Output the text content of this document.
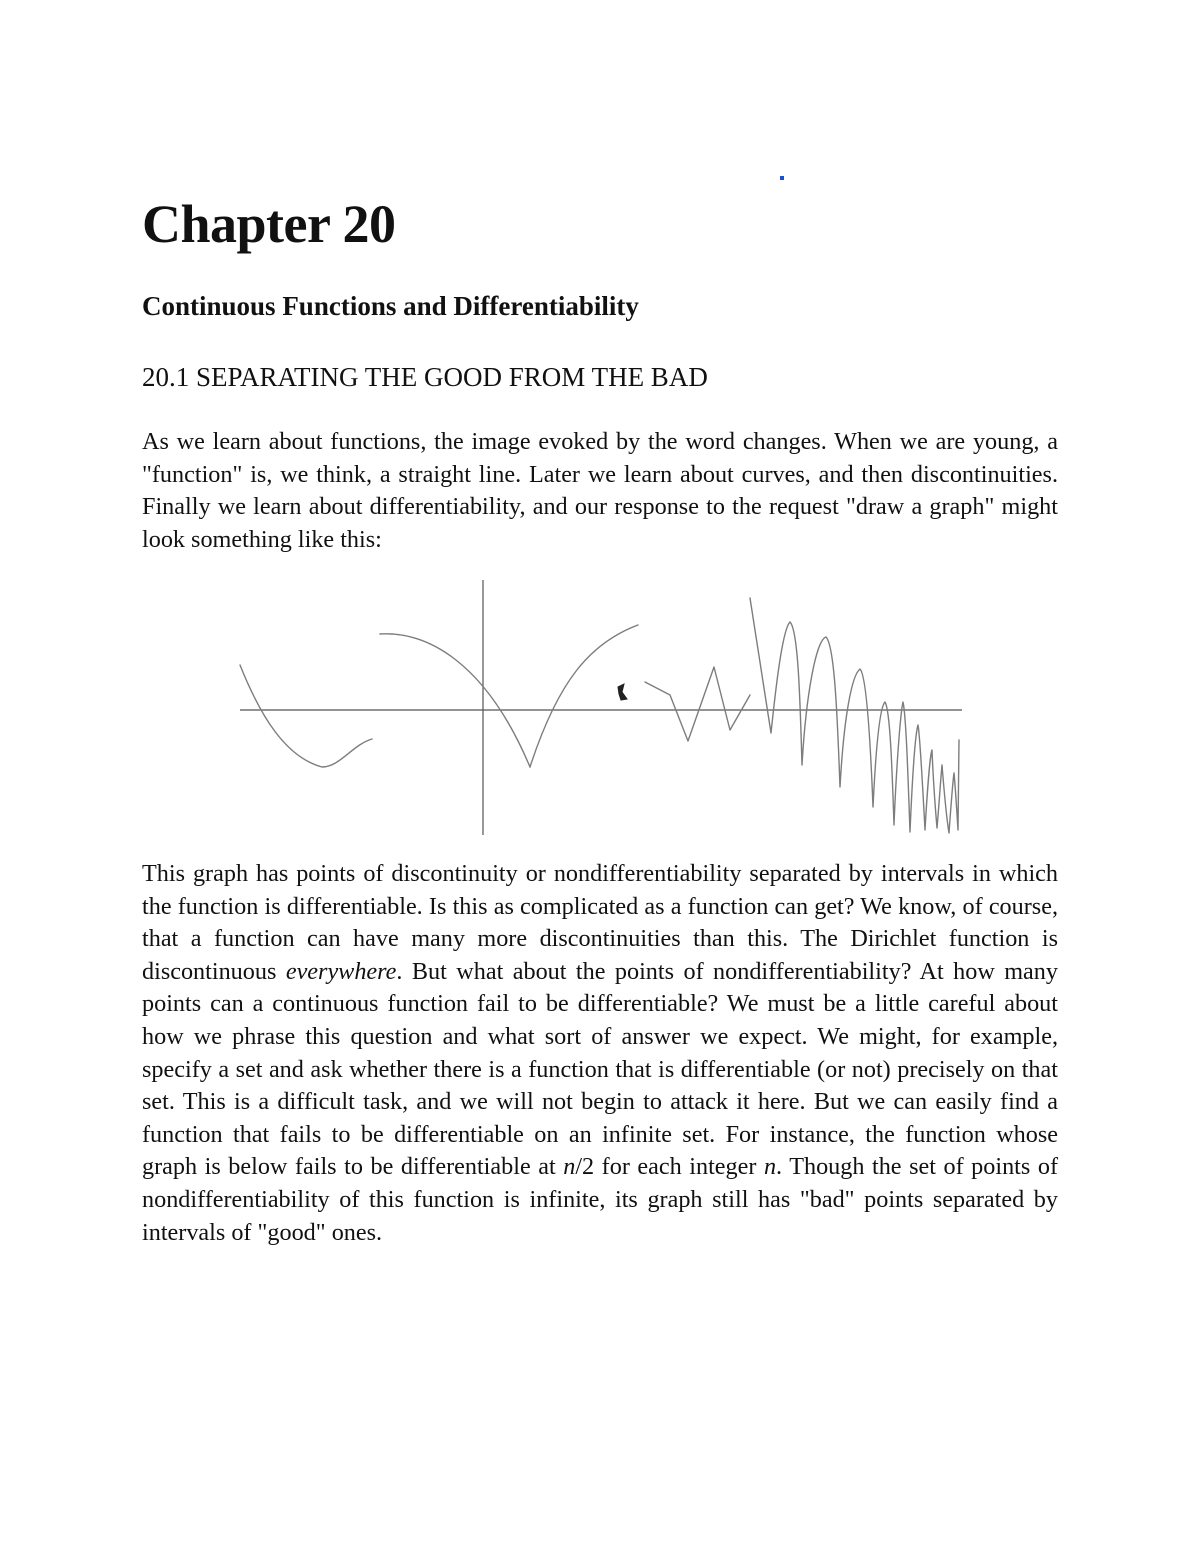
Chapter 20
Continuous Functions and Differentiability
20.1 SEPARATING THE GOOD FROM THE BAD

As we learn about functions, the image evoked by the word changes. When we are young, a "function" is, we think, a straight line. Later we learn about curves, and then discontinuities. Finally we learn about differentiability, and our response to the request "draw a graph" might look something like this:

This graph has points of discontinuity or nondifferentiability separated by intervals in which the function is differentiable. Is this as complicated as a function can get? We know, of course, that a function can have many more discontinuities than this. The Dirichlet function is discontinuous everywhere. But what about the points of nondifferentiability? At how many points can a continuous function fail to be differentiable? We must be a little careful about how we phrase this question and what sort of answer we expect. We might, for example, specify a set and ask whether there is a function that is differentiable (or not) precisely on that set. This is a difficult task, and we will not begin to attack it here. But we can easily find a function that fails to be differentiable on an infinite set. For instance, the function whose graph is below fails to be differentiable at n/2 for each integer n. Though the set of points of nondifferentiability of this function is infinite, its graph still has "bad" points separated by intervals of "good" ones.
